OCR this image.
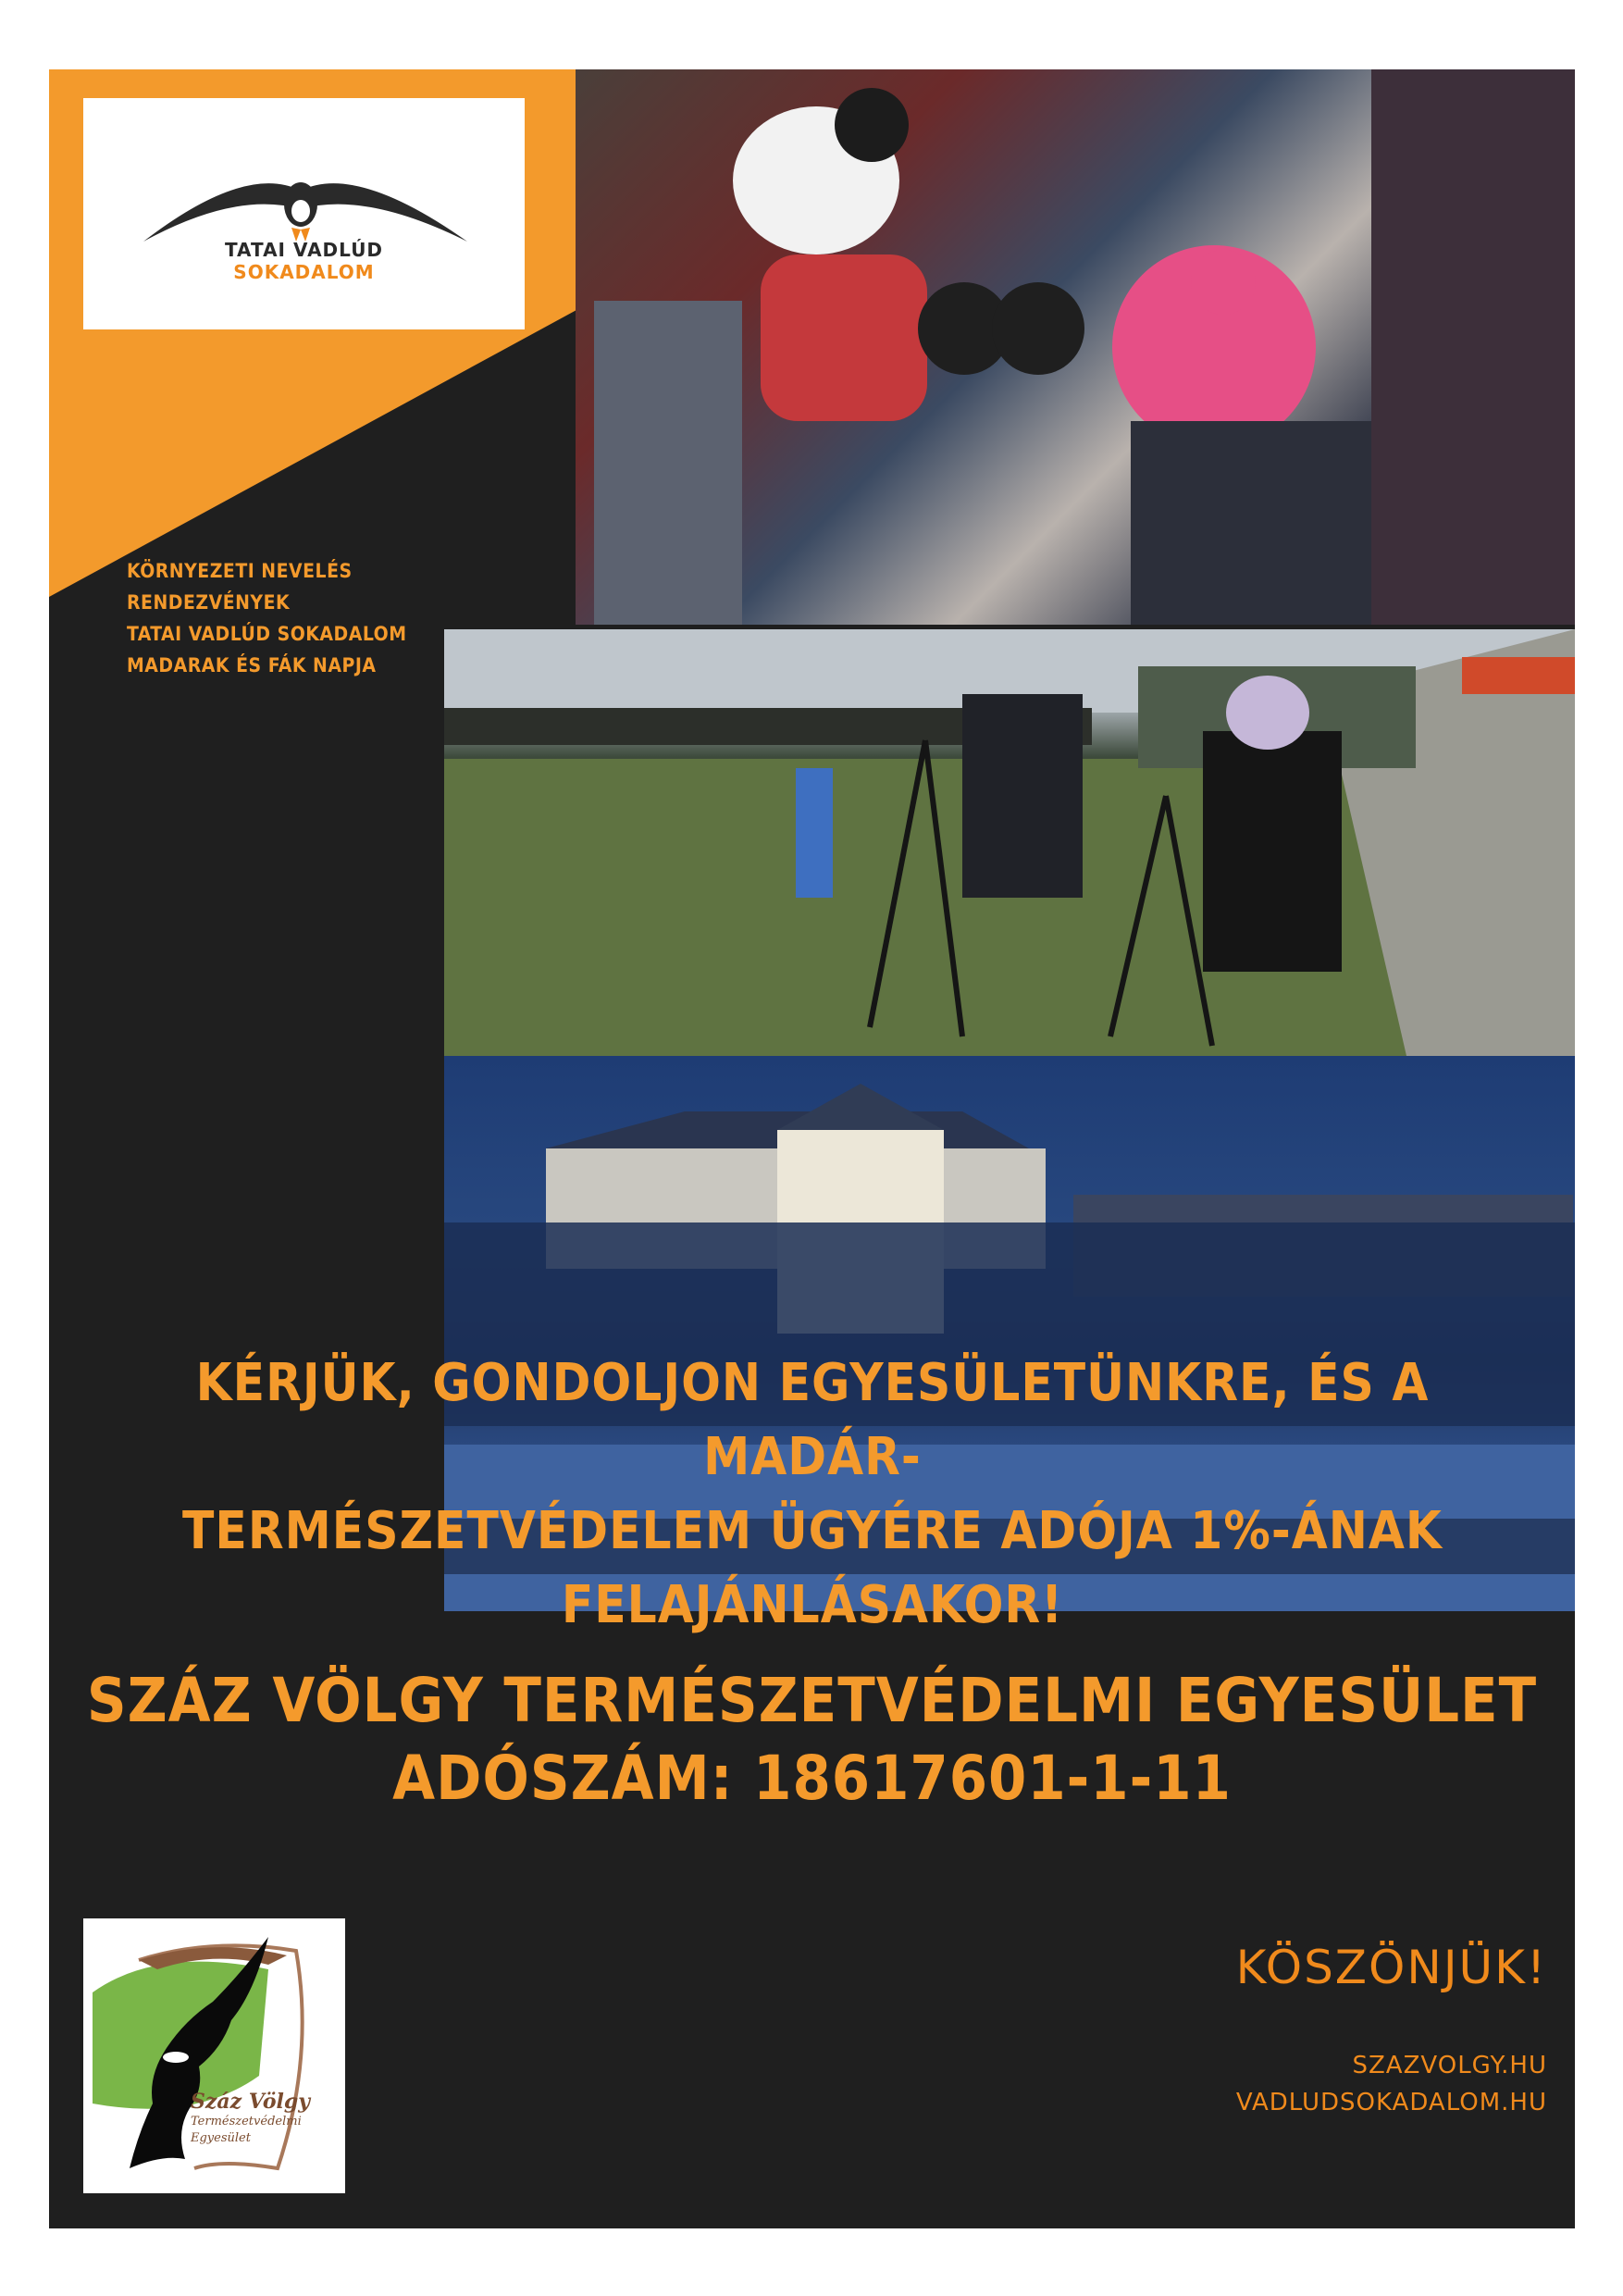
TATAI VADLÚD
SOKADALOM
KÖRNYEZETI NEVELÉS
RENDEZVÉNYEK
TATAI VADLÚD SOKADALOM
MADARAK ÉS FÁK NAPJA
KÉRJÜK, GONDOLJON EGYESÜLETÜNKRE, ÉS A MADÁR-
TERMÉSZETVÉDELEM ÜGYÉRE ADÓJA 1%-ÁNAK
FELAJÁNLÁSAKOR!
SZÁZ VÖLGY TERMÉSZETVÉDELMI EGYESÜLET
ADÓSZÁM: 18617601-1-11
Száz Völgy
Természetvédelmi
Egyesület
KÖSZÖNJÜK!
SZAZVOLGY.HU
VADLUDSOKADALOM.HU
